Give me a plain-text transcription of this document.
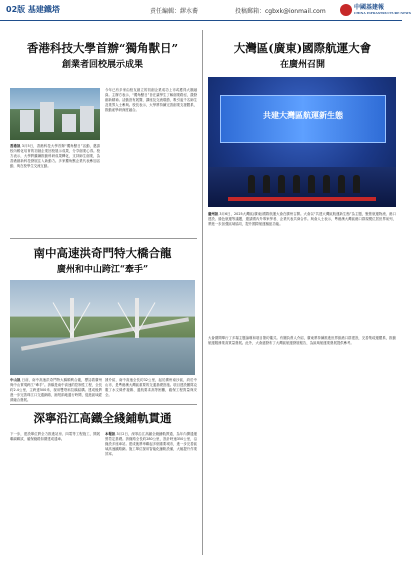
02版 基建鐵塔	責任編輯：繆水蕎	投稿郵箱：cgbxk@ionmail.com
中國基建報
CHINA INFRASTRUCTURE NEWS
香港科技大學首辦“獨角獸日”
創業者回校展示成果
香港訊 3月5日，香港科技大學首辦“獨角獸日”活動，邀請校內孵化培育的初創企業回校展示成果，分享創業心得。校方表示，大學將繼續推動科研成果轉化，支持師生創業，為香港創新科技發展注入新動力。多家獨角獸企業代表參加活動，與在校學生交流互動。
今年已有多家由校友創立的初創企業成功上市或獲得大額融資。主辦方表示，“獨角獸日”旨在讓學生了解創業路徑，激發創新精神。活動設有展覽、講座及交流環節，吸引逾千名師生及業界人士參與。校長表示，大學將持續完善創業支援體系，推動產學研深度融合。
大灣區(廣東)國際航運大會
在廣州召開
共建大灣區航運新生態
廣州訊 3月6日，2025大灣區(廣東)國際航運大會在廣州召開。大會以“共建大灣區航運新生態”為主題，聚焦航運物流、港口建設、綠色航運等議題，邀請國內外專家學者、企業代表共商合作。與會人士表示，粵港澳大灣區港口群規模位居世界前列，將進一步加強區域協同，提升國際航運樞紐功能。
大會期間舉行了多場主題論壇和項目簽約儀式。有關負責人介紹，廣東將持續推進世界級港口群建設，完善集疏運體系，推動航運服務業高質量發展。此外，大會還發布了大灣區航運發展報告，為區域航運業發展提供參考。
南中高速洪奇門特大橋合龍
廣州和中山跨江“牽手”
中山訊 日前，南中高速洪奇門特大橋順利合龍，標誌着廣州與中山實現跨江“牽手”。該橋是南中高速的控制性工程，全長約2.4公里，主跨達500米，採用雙塔斜拉橋結構。建成後將進一步完善珠江口交通網絡，縮短兩地通行時間，促進區域經濟融合發展。
據介紹，南中高速全長約32公里，起於廣州南沙區，終於中山市，是粵港澳大灣區重要的交通基礎設施。項目建設團隊克服了水文條件複雜、通航要求高等困難，確保工程質量與安全。
深寧沿江高鐵全綫鋪軌貫通
本報訊 3月2日，深寧沿江高鐵全綫鋪軌貫通，為年內開通運營奠定基礎。該綫路全長約280公里，設計時速350公里，沿綫設多座車站。建成後將串聯起多個重要城市，進一步完善區域高速鐵路網。施工單位採用智能化鋪軌設備，大幅提升作業效率。
下一步，建設單位將全力推進站房、四電等工程施工，開展聯調聯試，確保綫路如期建成通車。
